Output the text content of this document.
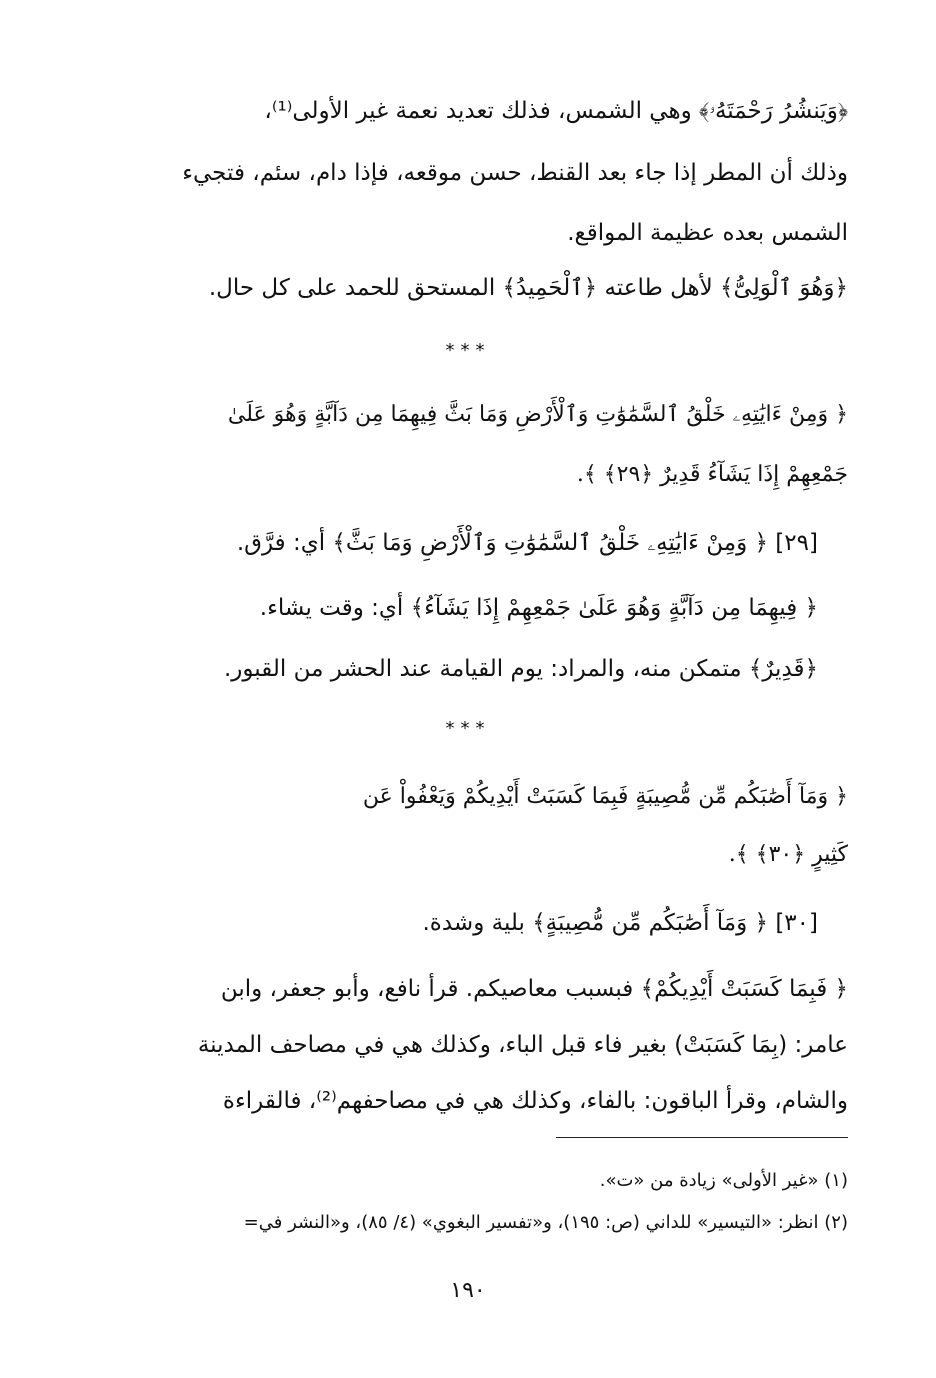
﴿وَيَنشُرُ رَحْمَتَهُۥ﴾ وهي الشمس، فذلك تعديد نعمة غير الأولى⁽¹⁾،
وذلك أن المطر إذا جاء بعد القنط، حسن موقعه، فإذا دام، سئم، فتجيء
الشمس بعده عظيمة المواقع.
﴿وَهُوَ ٱلْوَلِىُّ﴾ لأهل طاعته ﴿ٱلْحَمِيدُ﴾ المستحق للحمد على كل حال.
***
﴿ وَمِنْ ءَايَٰتِهِۦ خَلْقُ ٱلسَّمَٰوَٰتِ وَٱلْأَرْضِ وَمَا بَثَّ فِيهِمَا مِن دَآبَّةٍ وَهُوَ عَلَىٰ
جَمْعِهِمْ إِذَا يَشَآءُ قَدِيرٌ ﴿٢٩﴾ ﴾.
[٢٩] ﴿ وَمِنْ ءَايَٰتِهِۦ خَلْقُ ٱلسَّمَٰوَٰتِ وَٱلْأَرْضِ وَمَا بَثَّ﴾ أي: فرَّق.
﴿ فِيهِمَا مِن دَآبَّةٍ وَهُوَ عَلَىٰ جَمْعِهِمْ إِذَا يَشَآءُ﴾ أي: وقت يشاء.
﴿قَدِيرٌ﴾ متمكن منه، والمراد: يوم القيامة عند الحشر من القبور.
***
﴿ وَمَآ أَصَٰبَكُم مِّن مُّصِيبَةٍ فَبِمَا كَسَبَتْ أَيْدِيكُمْ وَيَعْفُواْ عَن
كَثِيرٍ ﴿٣٠﴾ ﴾.
[٣٠] ﴿ وَمَآ أَصَٰبَكُم مِّن مُّصِيبَةٍ﴾ بلية وشدة.
﴿ فَبِمَا كَسَبَتْ أَيْدِيكُمْ﴾ فبسبب معاصيكم. قرأ نافع، وأبو جعفر، وابن
عامر: (بِمَا كَسَبَتْ) بغير فاء قبل الباء، وكذلك هي في مصاحف المدينة
والشام، وقرأ الباقون: بالفاء، وكذلك هي في مصاحفهم⁽²⁾، فالقراءة
(١) «غير الأولى» زيادة من «ت».
(٢) انظر: «التيسير» للداني (ص: ١٩٥)، و«تفسير البغوي» (٤/ ٨٥)، و«النشر في=
١٩٠
